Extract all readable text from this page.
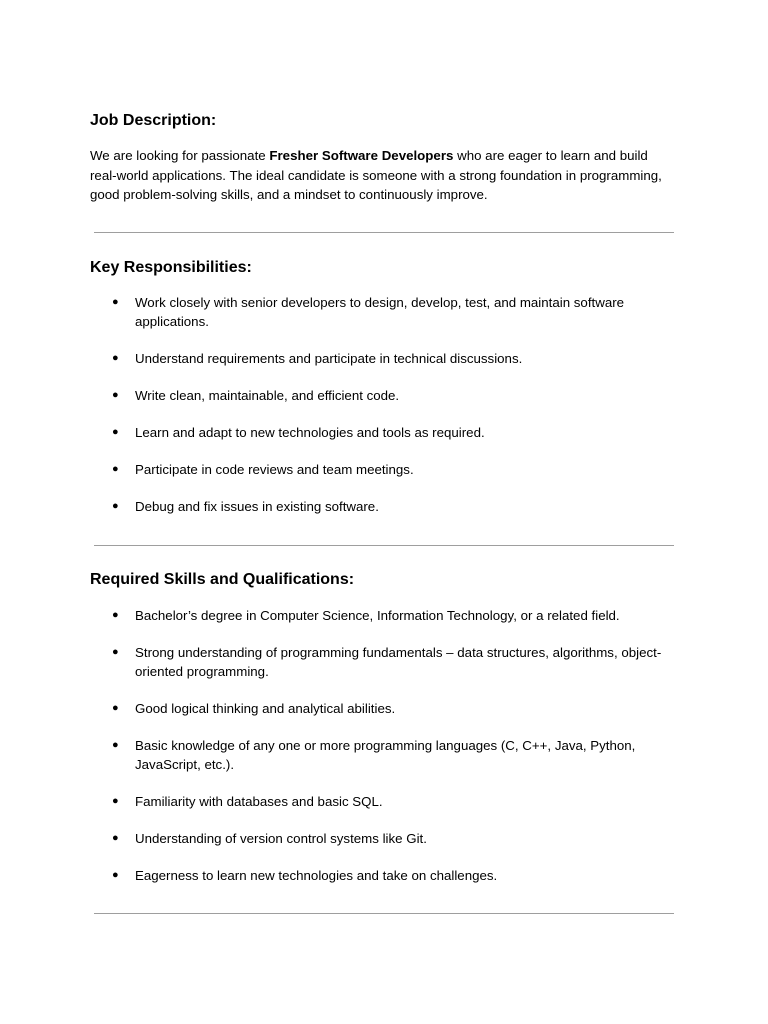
Job Description:

We are looking for passionate Fresher Software Developers who are eager to learn and build real-world applications. The ideal candidate is someone with a strong foundation in programming, good problem-solving skills, and a mindset to continuously improve.

Key Responsibilities:
● Work closely with senior developers to design, develop, test, and maintain software applications.
● Understand requirements and participate in technical discussions.
● Write clean, maintainable, and efficient code.
● Learn and adapt to new technologies and tools as required.
● Participate in code reviews and team meetings.
● Debug and fix issues in existing software.
Required Skills and Qualifications:
● Bachelor’s degree in Computer Science, Information Technology, or a related field.
● Strong understanding of programming fundamentals – data structures, algorithms, object-oriented programming.
● Good logical thinking and analytical abilities.
● Basic knowledge of any one or more programming languages (C, C++, Java, Python, JavaScript, etc.).
● Familiarity with databases and basic SQL.
● Understanding of version control systems like Git.
● Eagerness to learn new technologies and take on challenges.
